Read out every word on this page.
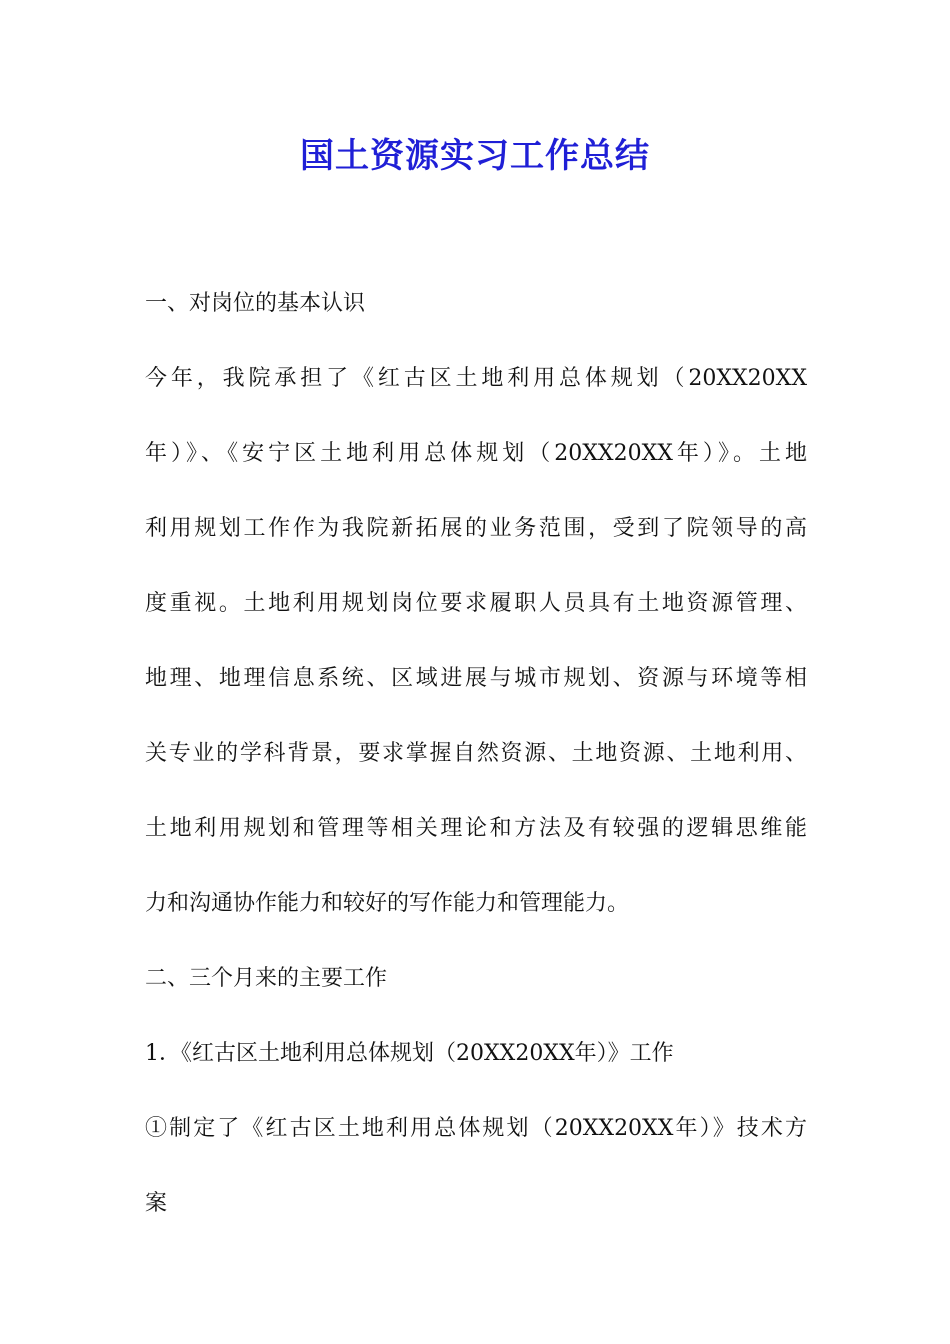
国土资源实习工作总结
一、对岗位的基本认识
今年，我院承担了《红古区土地利用总体规划（20XX20XX
年）》、《安宁区土地利用总体规划（20XX20XX年）》。土地
利用规划工作作为我院新拓展的业务范围，受到了院领导的高
度重视。土地利用规划岗位要求履职人员具有土地资源管理、
地理、地理信息系统、区域进展与城市规划、资源与环境等相
关专业的学科背景，要求掌握自然资源、土地资源、土地利用、
土地利用规划和管理等相关理论和方法及有较强的逻辑思维能
力和沟通协作能力和较好的写作能力和管理能力。
二、三个月来的主要工作
1．《红古区土地利用总体规划（20XX20XX年）》工作
①制定了《红古区土地利用总体规划（20XX20XX年）》技术方
案
